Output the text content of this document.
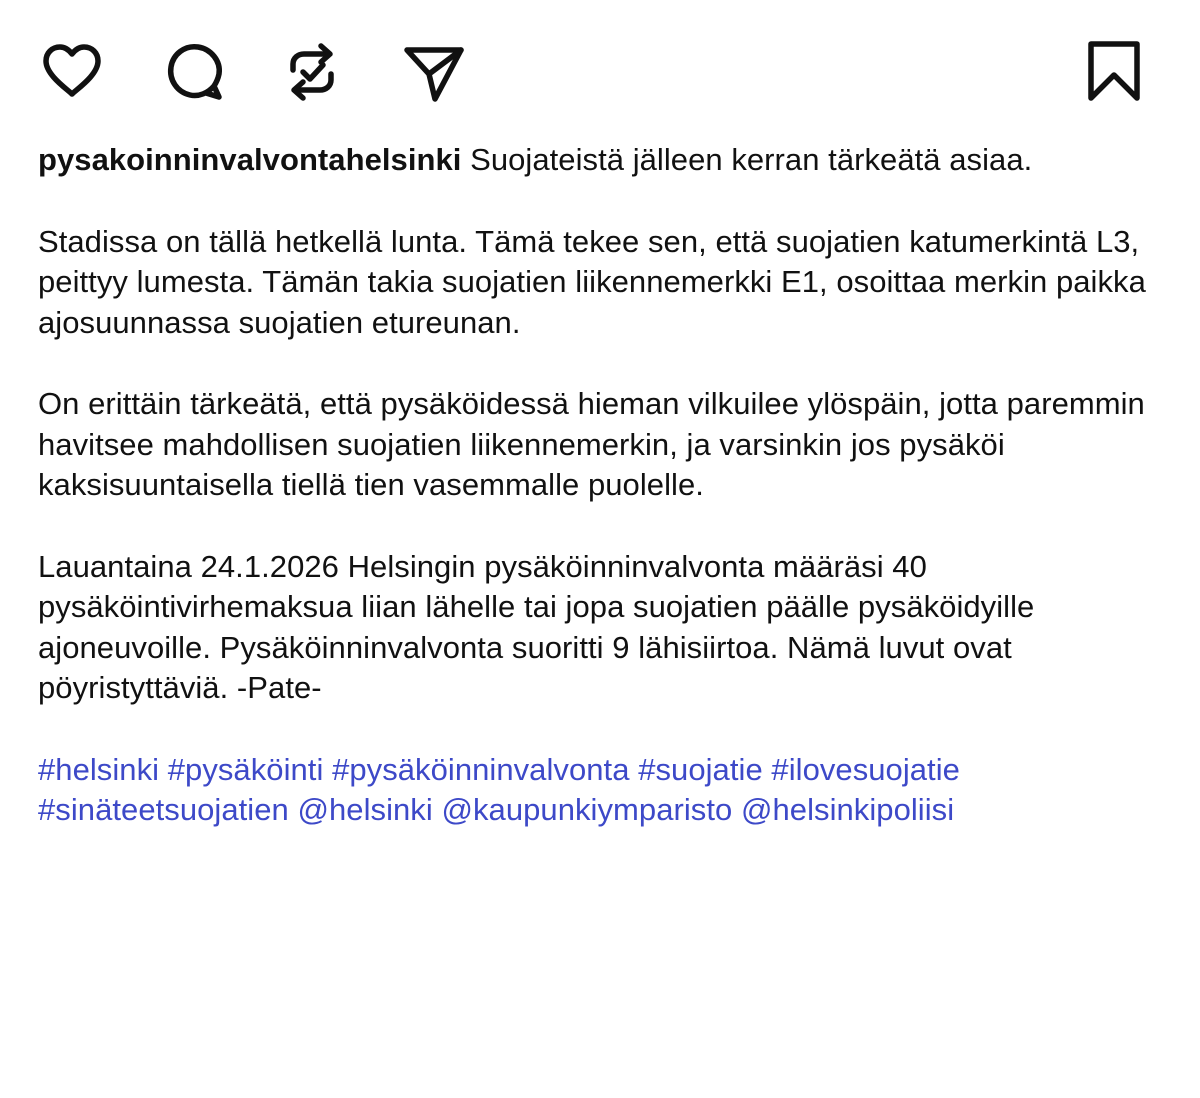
pysakoinninvalvontahelsinki Suojateistä jälleen kerran tärkeätä asiaa.

Stadissa on tällä hetkellä lunta. Tämä tekee sen, että suojatien katumerkintä L3, peittyy lumesta. Tämän takia suojatien liikennemerkki E1, osoittaa merkin paikka ajosuunnassa suojatien etureunan.

On erittäin tärkeätä, että pysäköidessä hieman vilkuilee ylöspäin, jotta paremmin havitsee mahdollisen suojatien liikennemerkin, ja varsinkin jos pysäköi kaksisuuntaisella tiellä tien vasemmalle puolelle.

Lauantaina 24.1.2026 Helsingin pysäköinninvalvonta määräsi 40 pysäköintivirhemaksua liian lähelle tai jopa suojatien päälle pysäköidyille ajoneuvoille. Pysäköinninvalvonta suoritti 9 lähisiirtoa. Nämä luvut ovat pöyristyttäviä. -Pate-

#helsinki #pysäköinti #pysäköinninvalvonta #suojatie #ilovesuojatie #sinäteetsuojatien @helsinki @kaupunkiymparisto @helsinkipoliisi
